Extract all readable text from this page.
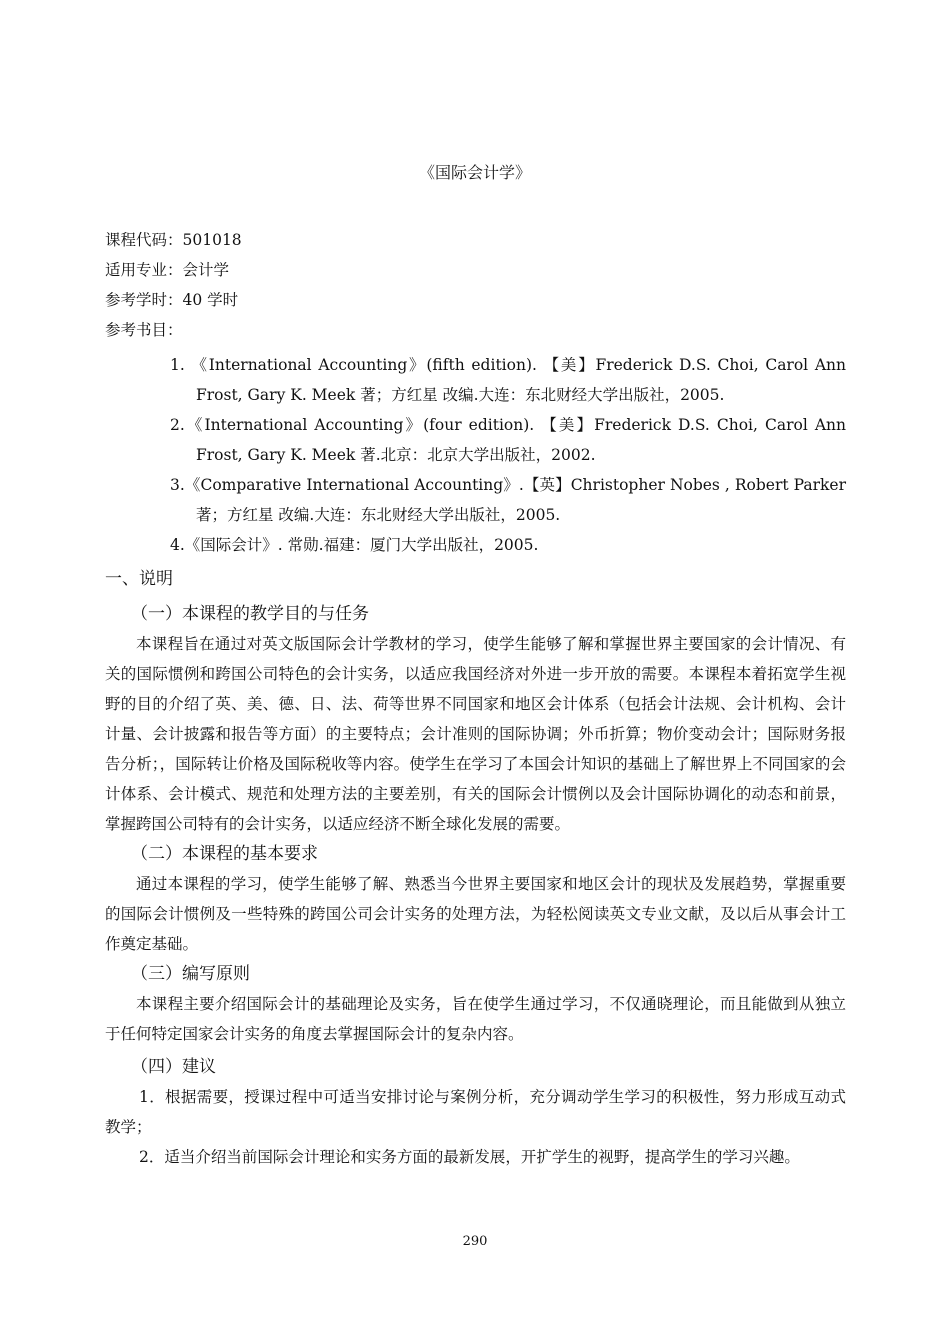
《国际会计学》
课程代码：501018
适用专业：会计学
参考学时：40 学时
参考书目：
1. 《International Accounting》(fifth edition). 【美】Frederick D.S. Choi, Carol Ann Frost, Gary K. Meek 著；方红星 改编.大连：东北财经大学出版社，2005.
2.《International Accounting》(four edition). 【美】Frederick D.S. Choi, Carol Ann Frost, Gary K. Meek 著.北京：北京大学出版社，2002.
3.《Comparative International Accounting》.【英】Christopher Nobes , Robert Parker 著；方红星 改编.大连：东北财经大学出版社，2005.
4.《国际会计》. 常勋.福建：厦门大学出版社，2005.
一、说明
（一）本课程的教学目的与任务

本课程旨在通过对英文版国际会计学教材的学习，使学生能够了解和掌握世界主要国家的会计情况、有关的国际惯例和跨国公司特色的会计实务，以适应我国经济对外进一步开放的需要。本课程本着拓宽学生视野的目的介绍了英、美、德、日、法、荷等世界不同国家和地区会计体系（包括会计法规、会计机构、会计计量、会计披露和报告等方面）的主要特点；会计准则的国际协调；外币折算；物价变动会计；国际财务报告分析；，国际转让价格及国际税收等内容。使学生在学习了本国会计知识的基础上了解世界上不同国家的会计体系、会计模式、规范和处理方法的主要差别，有关的国际会计惯例以及会计国际协调化的动态和前景，掌握跨国公司特有的会计实务，以适应经济不断全球化发展的需要。

（二）本课程的基本要求

通过本课程的学习，使学生能够了解、熟悉当今世界主要国家和地区会计的现状及发展趋势，掌握重要的国际会计惯例及一些特殊的跨国公司会计实务的处理方法，为轻松阅读英文专业文献，及以后从事会计工作奠定基础。

（三）编写原则

本课程主要介绍国际会计的基础理论及实务，旨在使学生通过学习，不仅通晓理论，而且能做到从独立于任何特定国家会计实务的角度去掌握国际会计的复杂内容。

（四）建议

1．根据需要，授课过程中可适当安排讨论与案例分析，充分调动学生学习的积极性，努力形成互动式教学；

2．适当介绍当前国际会计理论和实务方面的最新发展，开扩学生的视野，提高学生的学习兴趣。

290
